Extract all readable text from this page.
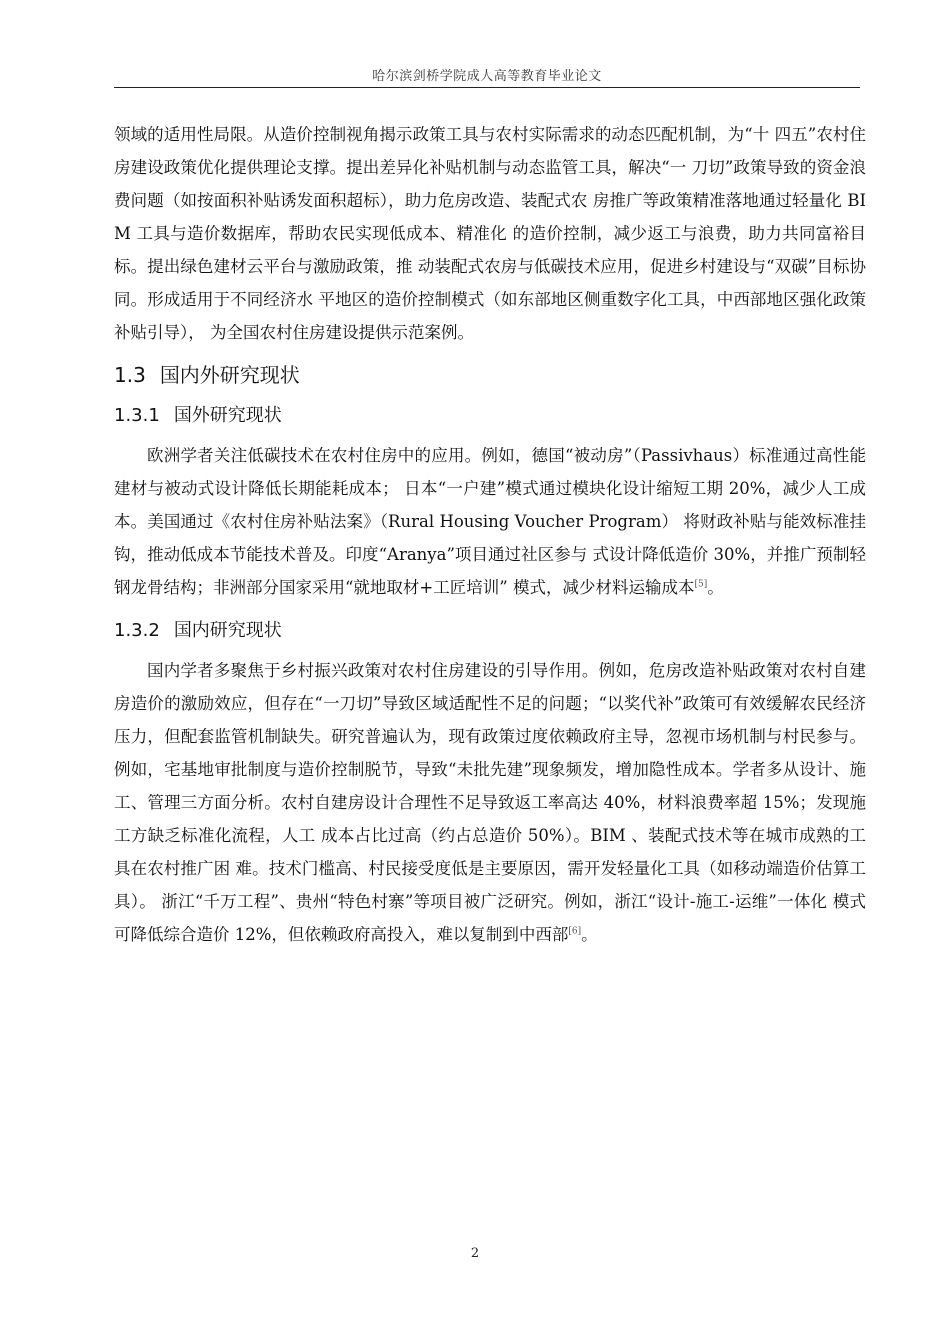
哈尔滨剑桥学院成人高等教育毕业论文

领域的适用性局限。从造价控制视角揭示政策工具与农村实际需求的动态匹配机制，为“十 四五”农村住房建设政策优化提供理论支撑。提出差异化补贴机制与动态监管工具，解决“一 刀切”政策导致的资金浪费问题（如按面积补贴诱发面积超标），助力危房改造、装配式农 房推广等政策精准落地通过轻量化 BIM 工具与造价数据库，帮助农民实现低成本、精准化 的造价控制，减少返工与浪费，助力共同富裕目标。提出绿色建材云平台与激励政策，推 动装配式农房与低碳技术应用，促进乡村建设与“双碳”目标协同。形成适用于不同经济水 平地区的造价控制模式（如东部地区侧重数字化工具，中西部地区强化政策补贴引导）， 为全国农村住房建设提供示范案例。

1.3 国内外研究现状
1.3.1 国外研究现状

欧洲学者关注低碳技术在农村住房中的应用。例如，德国“被动房”（Passivhaus）标准通过高性能建材与被动式设计降低长期能耗成本； 日本“一户建”模式通过模块化设计缩短工期 20%，减少人工成本。美国通过《农村住房补贴法案》（Rural Housing Voucher Program） 将财政补贴与能效标准挂钩，推动低成本节能技术普及。印度“Aranya”项目通过社区参与 式设计降低造价 30%，并推广预制轻钢龙骨结构；非洲部分国家采用“就地取材+工匠培训” 模式，减少材料运输成本[5]。

1.3.2 国内研究现状

国内学者多聚焦于乡村振兴政策对农村住房建设的引导作用。例如，危房改造补贴政策对农村自建房造价的激励效应，但存在“一刀切”导致区域适配性不足的问题；“以奖代补”政策可有效缓解农民经济压力，但配套监管机制缺失。研究普遍认为，现有政策过度依赖政府主导，忽视市场机制与村民参与。例如，宅基地审批制度与造价控制脱节，导致“未批先建”现象频发，增加隐性成本。学者多从设计、施工、管理三方面分析。农村自建房设计合理性不足导致返工率高达 40%，材料浪费率超 15%；发现施工方缺乏标准化流程，人工 成本占比过高（约占总造价 50%）。BIM 、装配式技术等在城市成熟的工具在农村推广困 难。技术门槛高、村民接受度低是主要原因，需开发轻量化工具（如移动端造价估算工具）。 浙江“千万工程”、贵州“特色村寨”等项目被广泛研究。例如，浙江“设计-施工-运维”一体化 模式可降低综合造价 12%，但依赖政府高投入，难以复制到中西部[6]。

2
